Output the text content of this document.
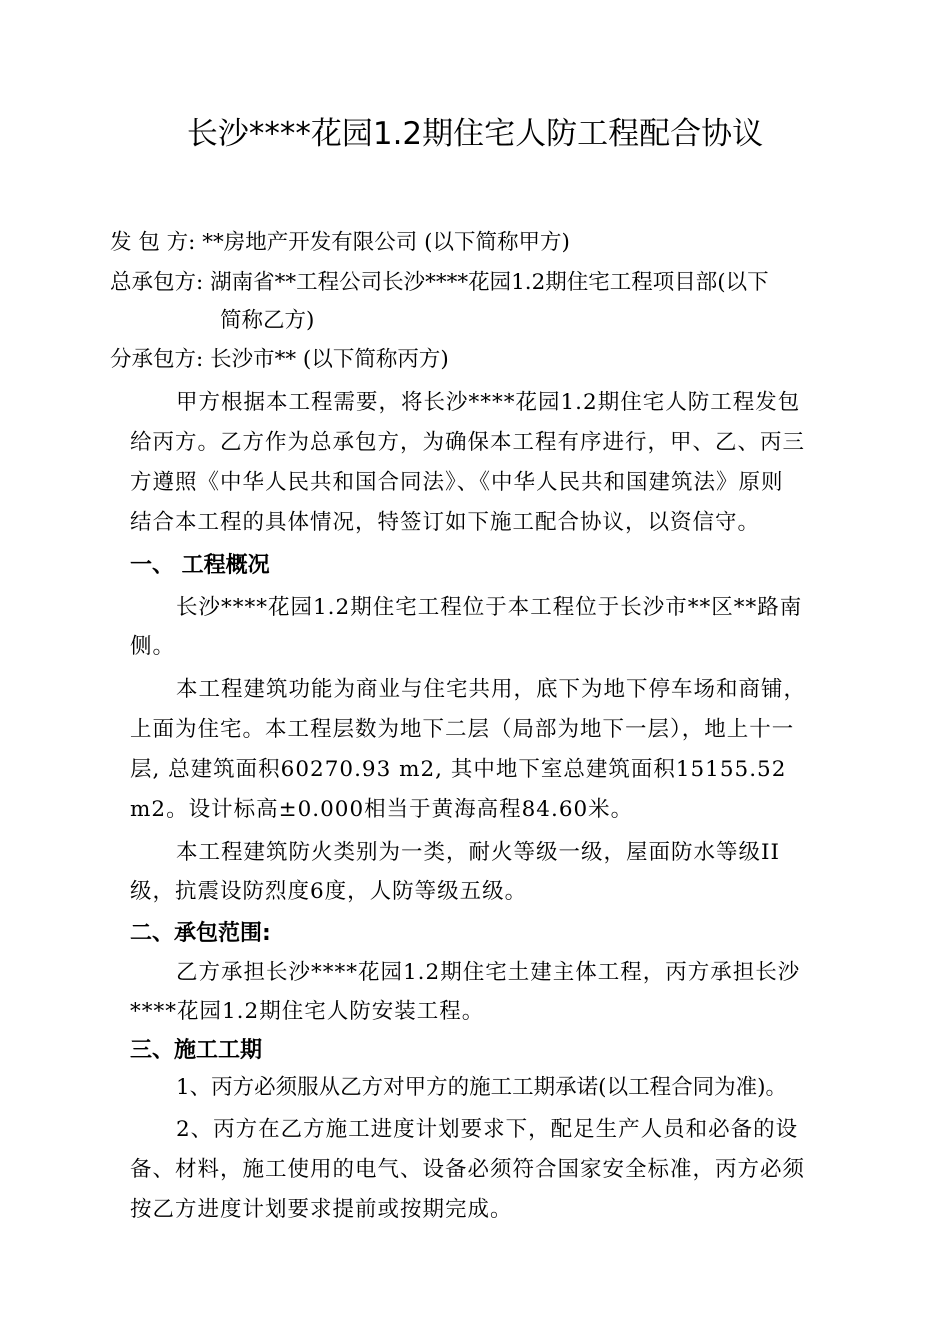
长沙****花园1.2期住宅人防工程配合协议
发 包 方: **房地产开发有限公司 (以下简称甲方)
总承包方: 湖南省**工程公司长沙****花园1.2期住宅工程项目部(以下
简称乙方)
分承包方: 长沙市** (以下简称丙方)
甲方根据本工程需要，将长沙****花园1.2期住宅人防工程发包
给丙方。乙方作为总承包方，为确保本工程有序进行，甲、乙、丙三
方遵照《中华人民共和国合同法》、《中华人民共和国建筑法》原则
结合本工程的具体情况，特签订如下施工配合协议，以资信守。
一、 工程概况
长沙****花园1.2期住宅工程位于本工程位于长沙市**区**路南
侧。
本工程建筑功能为商业与住宅共用，底下为地下停车场和商铺，
上面为住宅。本工程层数为地下二层（局部为地下一层），地上十一
层, 总建筑面积60270.93 m2, 其中地下室总建筑面积15155.52
m2。设计标高±0.000相当于黄海高程84.60米。
本工程建筑防火类别为一类，耐火等级一级，屋面防水等级II
级，抗震设防烈度6度，人防等级五级。
二、承包范围:
乙方承担长沙****花园1.2期住宅土建主体工程，丙方承担长沙
****花园1.2期住宅人防安装工程。
三、施工工期
1、丙方必须服从乙方对甲方的施工工期承诺(以工程合同为准)。
2、丙方在乙方施工进度计划要求下，配足生产人员和必备的设
备、材料，施工使用的电气、设备必须符合国家安全标准，丙方必须
按乙方进度计划要求提前或按期完成。
